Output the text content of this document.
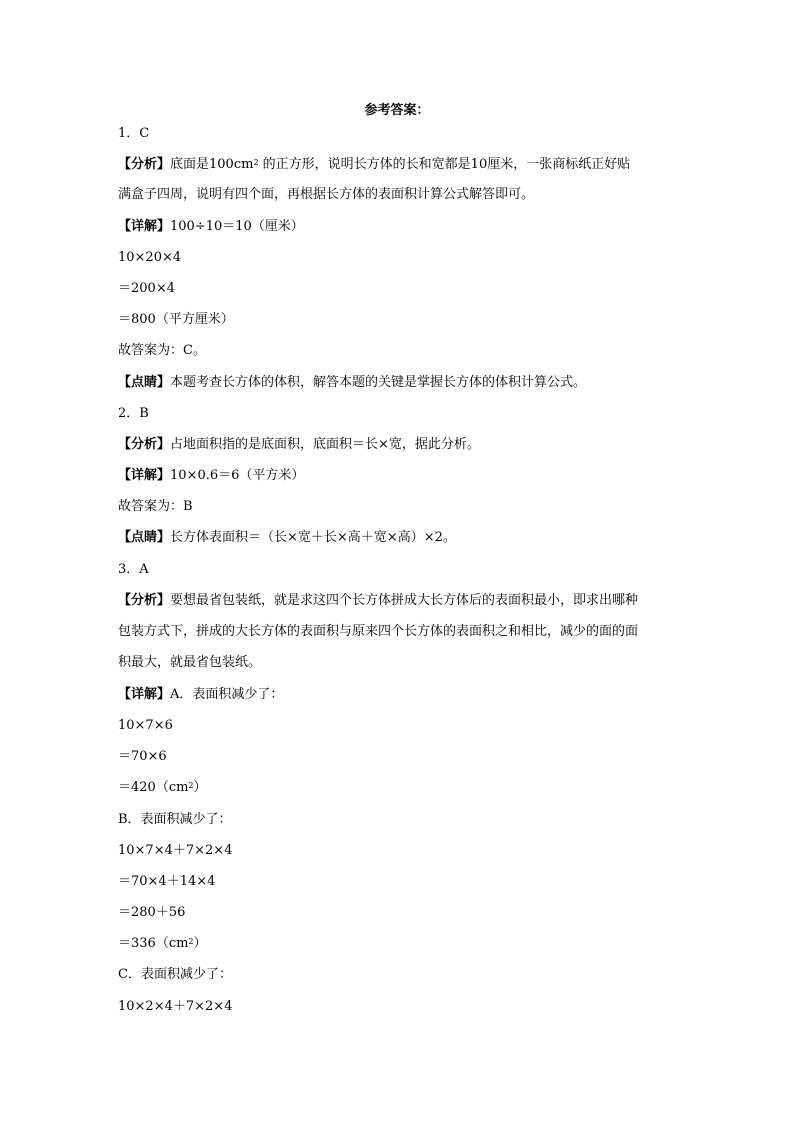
参考答案：
1．C
【分析】底面是$100cm^2$ 的正方形，说明长方体的长和宽都是10厘米，一张商标纸正好贴
满盒子四周，说明有四个面，再根据长方体的表面积计算公式解答即可。
【详解】100÷10＝10（厘米）
10×20×4
＝200×4
＝800（平方厘米）
故答案为：C。
【点睛】本题考查长方体的体积，解答本题的关键是掌握长方体的体积计算公式。
2．B
【分析】占地面积指的是底面积，底面积＝长×宽，据此分析。
【详解】10×0.6＝6（平方米）
故答案为：B
【点睛】长方体表面积＝（长×宽＋长×高＋宽×高）×2。
3．A
【分析】要想最省包装纸，就是求这四个长方体拼成大长方体后的表面积最小，即求出哪种
包装方式下，拼成的大长方体的表面积与原来四个长方体的表面积之和相比，减少的面的面
积最大，就最省包装纸。
【详解】A．表面积减少了：
10×7×6
＝70×6
$=420(cm^2)$
B．表面积减少了：
10×7×4＋7×2×4
＝70×4＋14×4
＝280＋56
$=336(cm^2)$
C．表面积减少了：
10×2×4＋7×2×4
